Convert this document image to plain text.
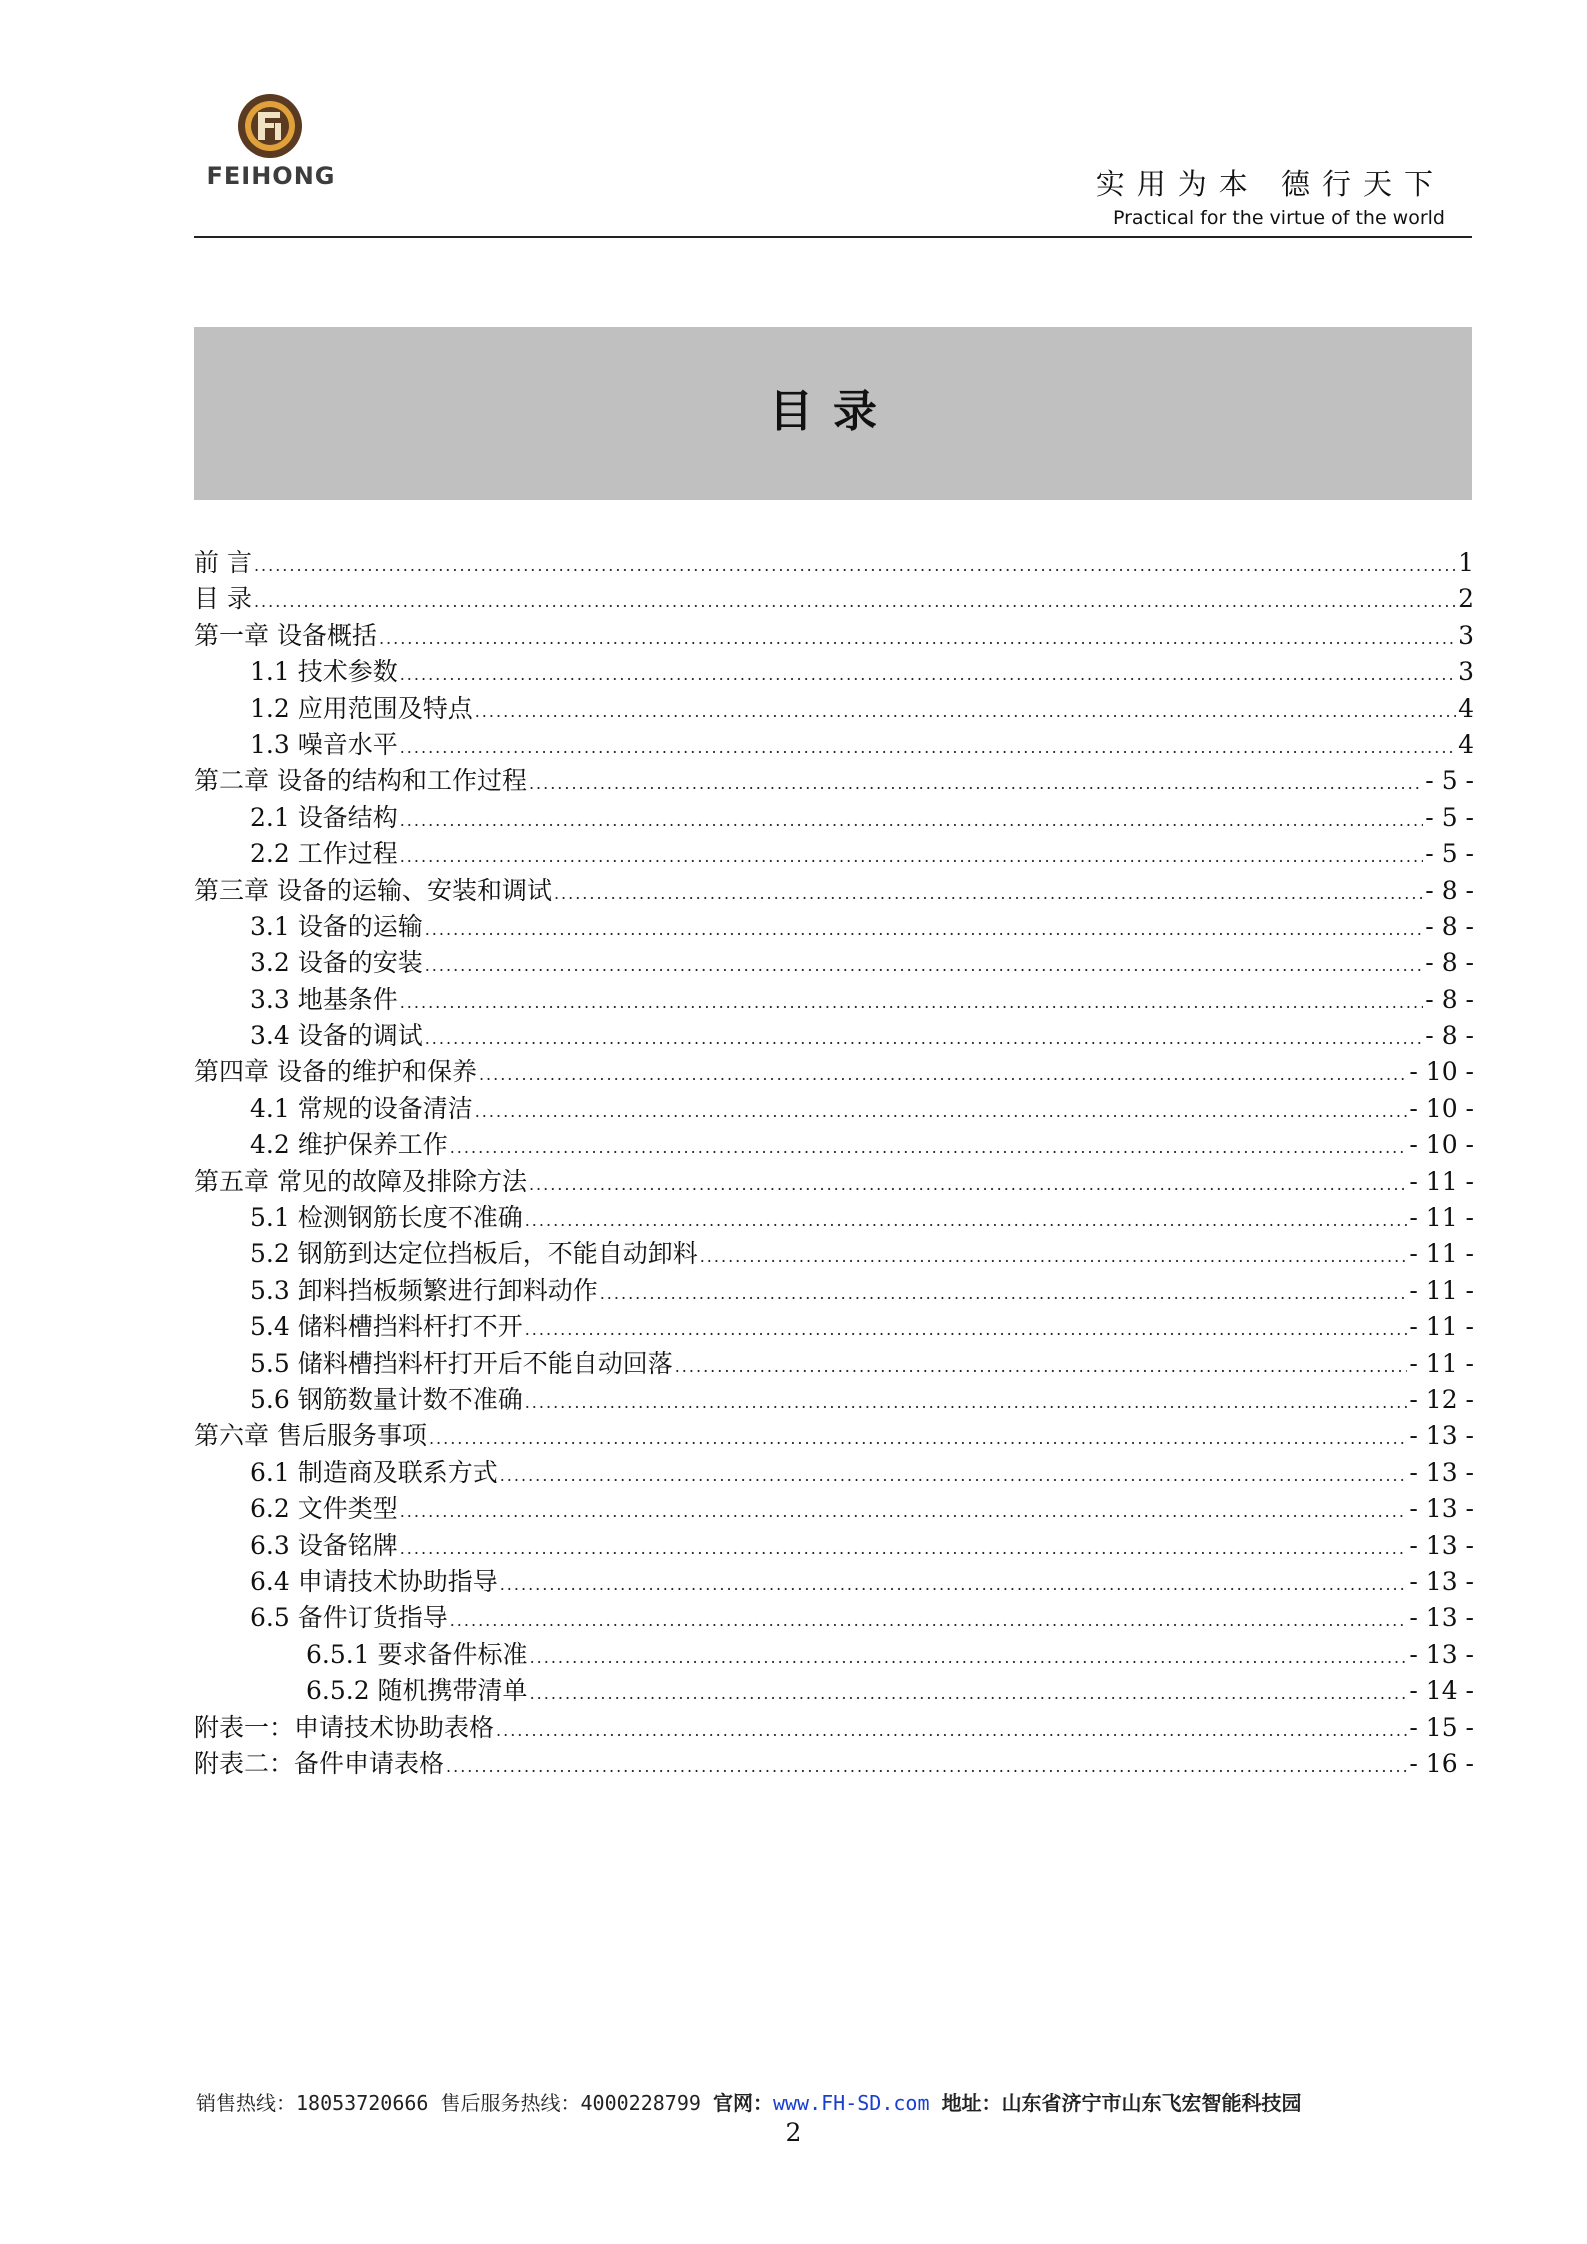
FEIHONG	实用为本 德行天下
Practical for the virtue of the world
目录
前 言 .....	1
目 录 .....	2
第一章 设备概括 .....	3
1.1 技术参数 .....	3
1.2 应用范围及特点 .....	4
1.3 噪音水平 .....	4
第二章 设备的结构和工作过程 .....	- 5 -
2.1 设备结构 .....	- 5 -
2.2 工作过程 .....	- 5 -
第三章 设备的运输、安装和调试 .....	- 8 -
3.1 设备的运输 .....	- 8 -
3.2 设备的安装 .....	- 8 -
3.3 地基条件 .....	- 8 -
3.4 设备的调试 .....	- 8 -
第四章 设备的维护和保养 .....	- 10 -
4.1 常规的设备清洁 .....	- 10 -
4.2 维护保养工作 .....	- 10 -
第五章 常见的故障及排除方法 .....	- 11 -
5.1 检测钢筋长度不准确 .....	- 11 -
5.2 钢筋到达定位挡板后，不能自动卸料 .....	- 11 -
5.3 卸料挡板频繁进行卸料动作 .....	- 11 -
5.4 储料槽挡料杆打不开 .....	- 11 -
5.5 储料槽挡料杆打开后不能自动回落 .....	- 11 -
5.6 钢筋数量计数不准确 .....	- 12 -
第六章 售后服务事项 .....	- 13 -
6.1 制造商及联系方式 .....	- 13 -
6.2 文件类型 .....	- 13 -
6.3 设备铭牌 .....	- 13 -
6.4 申请技术协助指导 .....	- 13 -
6.5 备件订货指导 .....	- 13 -
6.5.1 要求备件标准 .....	- 13 -
6.5.2 随机携带清单 .....	- 14 -
附表一：申请技术协助表格 .....	- 15 -
附表二：备件申请表格 .....	- 16 -
销售热线：18053720666 售后服务热线：4000228799 官网：www.FH-SD.com 地址：山东省济宁市山东飞宏智能科技园
2
